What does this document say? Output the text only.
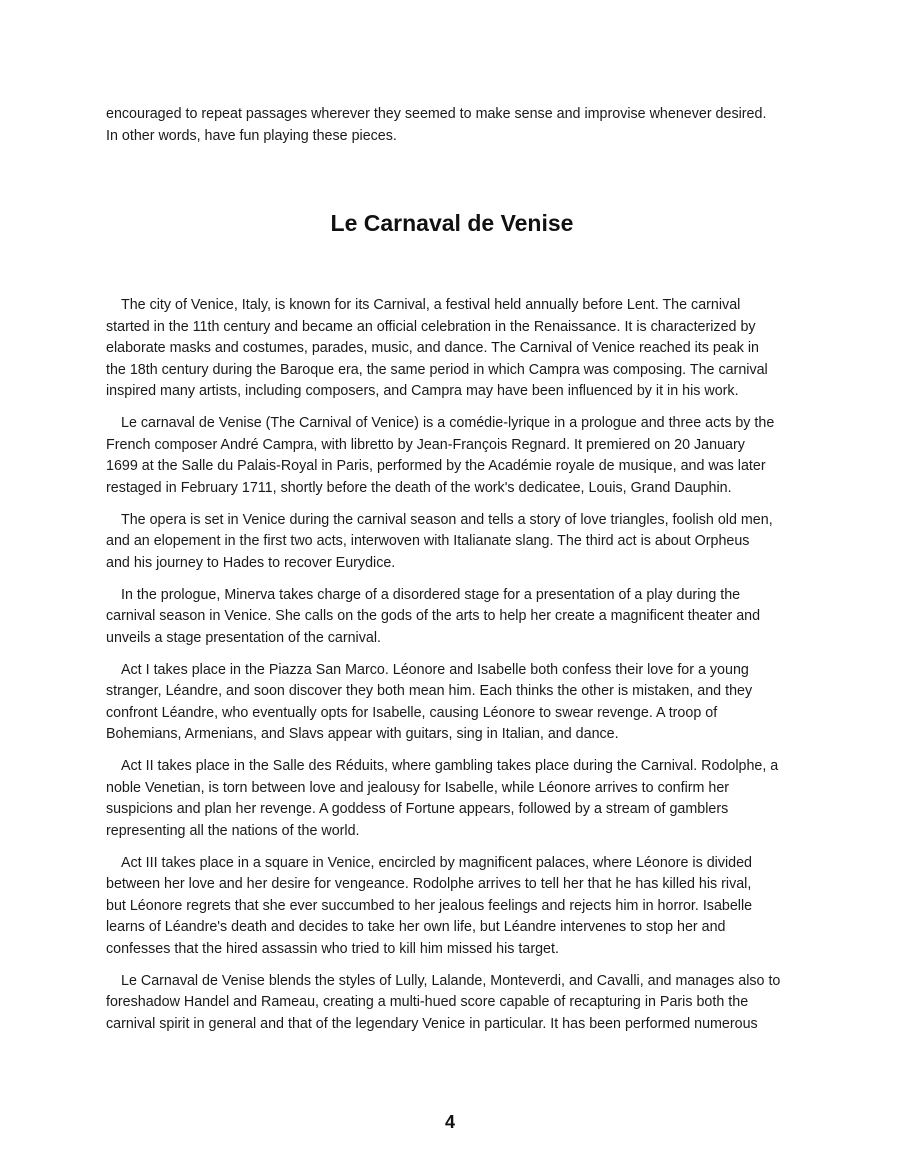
encouraged to repeat passages wherever they seemed to make sense and improvise whenever desired.
In other words, have fun playing these pieces.

Le Carnaval de Venise

The city of Venice, Italy, is known for its Carnival, a festival held annually before Lent. The carnival
started in the 11th century and became an official celebration in the Renaissance. It is characterized by
elaborate masks and costumes, parades, music, and dance. The Carnival of Venice reached its peak in
the 18th century during the Baroque era, the same period in which Campra was composing. The carnival
inspired many artists, including composers, and Campra may have been influenced by it in his work.

Le carnaval de Venise (The Carnival of Venice) is a comédie-lyrique in a prologue and three acts by the
French composer André Campra, with libretto by Jean-François Regnard. It premiered on 20 January
1699 at the Salle du Palais-Royal in Paris, performed by the Académie royale de musique, and was later
restaged in February 1711, shortly before the death of the work's dedicatee, Louis, Grand Dauphin.

The opera is set in Venice during the carnival season and tells a story of love triangles, foolish old men,
and an elopement in the first two acts, interwoven with Italianate slang. The third act is about Orpheus
and his journey to Hades to recover Eurydice.

In the prologue, Minerva takes charge of a disordered stage for a presentation of a play during the
carnival season in Venice. She calls on the gods of the arts to help her create a magnificent theater and
unveils a stage presentation of the carnival.

Act I takes place in the Piazza San Marco. Léonore and Isabelle both confess their love for a young
stranger, Léandre, and soon discover they both mean him. Each thinks the other is mistaken, and they
confront Léandre, who eventually opts for Isabelle, causing Léonore to swear revenge. A troop of
Bohemians, Armenians, and Slavs appear with guitars, sing in Italian, and dance.

Act II takes place in the Salle des Réduits, where gambling takes place during the Carnival. Rodolphe, a
noble Venetian, is torn between love and jealousy for Isabelle, while Léonore arrives to confirm her
suspicions and plan her revenge. A goddess of Fortune appears, followed by a stream of gamblers
representing all the nations of the world.

Act III takes place in a square in Venice, encircled by magnificent palaces, where Léonore is divided
between her love and her desire for vengeance. Rodolphe arrives to tell her that he has killed his rival,
but Léonore regrets that she ever succumbed to her jealous feelings and rejects him in horror. Isabelle
learns of Léandre's death and decides to take her own life, but Léandre intervenes to stop her and
confesses that the hired assassin who tried to kill him missed his target.

Le Carnaval de Venise blends the styles of Lully, Lalande, Monteverdi, and Cavalli, and manages also to
foreshadow Handel and Rameau, creating a multi-hued score capable of recapturing in Paris both the
carnival spirit in general and that of the legendary Venice in particular. It has been performed numerous

4
